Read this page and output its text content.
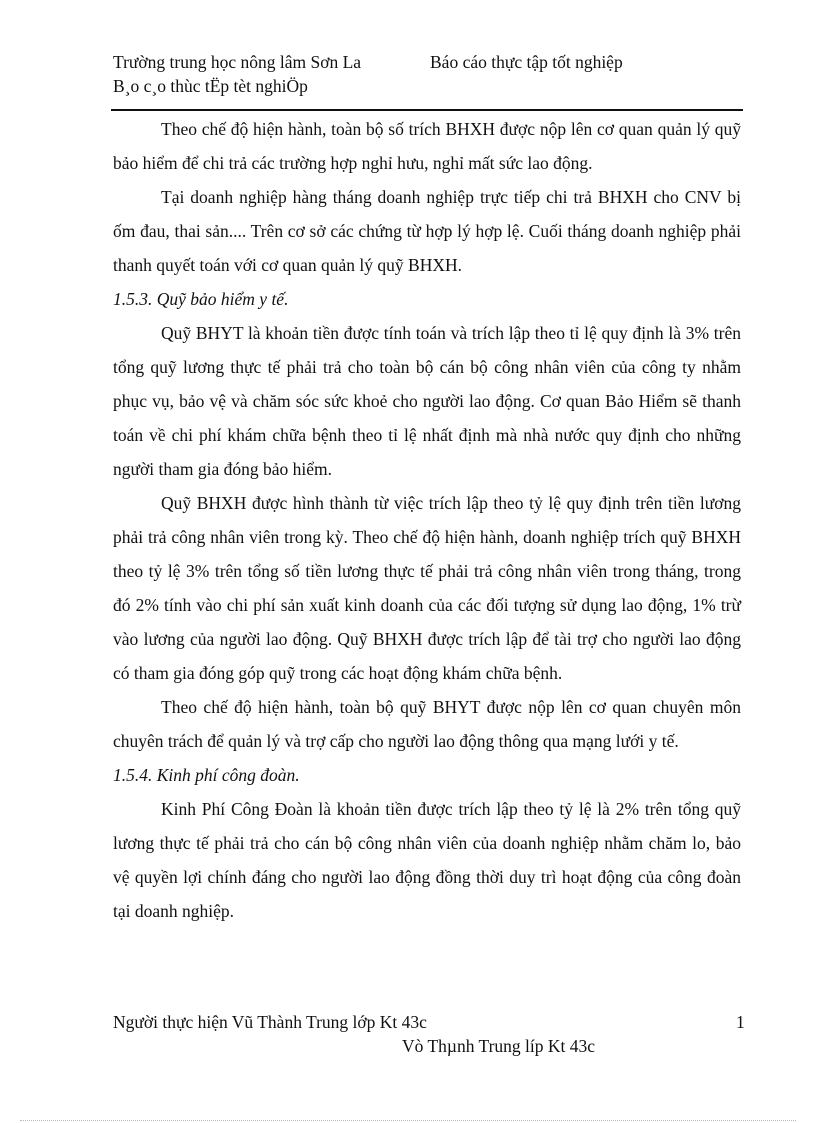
Trường trung học nông lâm Sơn La	Báo cáo thực tập tốt nghiệp
B¸o c¸o thùc tËp tèt nghiÖp

Theo chế độ hiện hành, toàn bộ số trích BHXH được nộp lên cơ quan quản lý quỹ bảo hiểm để chi trả các trường hợp nghỉ hưu, nghỉ mất sức lao động.

Tại doanh nghiệp hàng tháng doanh nghiệp trực tiếp chi trả BHXH cho CNV bị ốm đau, thai sản.... Trên cơ sở các chứng từ hợp lý hợp lệ. Cuối tháng doanh nghiệp phải thanh quyết toán với cơ quan quản lý quỹ BHXH.

1.5.3. Quỹ bảo hiểm y tế.

Quỹ BHYT là khoản tiền được tính toán và trích lập theo tỉ lệ quy định là 3% trên tổng quỹ lương thực tế phải trả cho toàn bộ cán bộ công nhân viên của công ty nhằm phục vụ, bảo vệ và chăm sóc sức khoẻ cho người lao động. Cơ quan Bảo Hiểm sẽ thanh toán về chi phí khám chữa bệnh theo tỉ lệ nhất định mà nhà nước quy định cho những người tham gia đóng bảo hiểm.

Quỹ BHXH được hình thành từ việc trích lập theo tỷ lệ quy định trên tiền lương phải trả công nhân viên trong kỳ. Theo chế độ hiện hành, doanh nghiệp trích quỹ BHXH theo tỷ lệ 3% trên tổng số tiền lương thực tế phải trả công nhân viên trong tháng, trong đó 2% tính vào chi phí sản xuất kinh doanh của các đối tượng sử dụng lao động, 1% trừ vào lương của người lao động. Quỹ BHXH được trích lập để tài trợ cho người lao động có tham gia đóng góp quỹ trong các hoạt động khám chữa bệnh.

Theo chế độ hiện hành, toàn bộ quỹ BHYT được nộp lên cơ quan chuyên môn chuyên trách để quản lý và trợ cấp cho người lao động thông qua mạng lưới y tế.

1.5.4. Kinh phí công đoàn.

Kinh Phí Công Đoàn là khoản tiền được trích lập theo tỷ lệ là 2% trên tổng quỹ lương thực tế phải trả cho cán bộ công nhân viên của doanh nghiệp nhằm chăm lo, bảo vệ quyền lợi chính đáng cho người lao động đồng thời duy trì hoạt động của công đoàn tại doanh nghiệp.

Người thực hiện Vũ Thành Trung lớp Kt 43c	1
Vò Thµnh Trung líp Kt 43c
